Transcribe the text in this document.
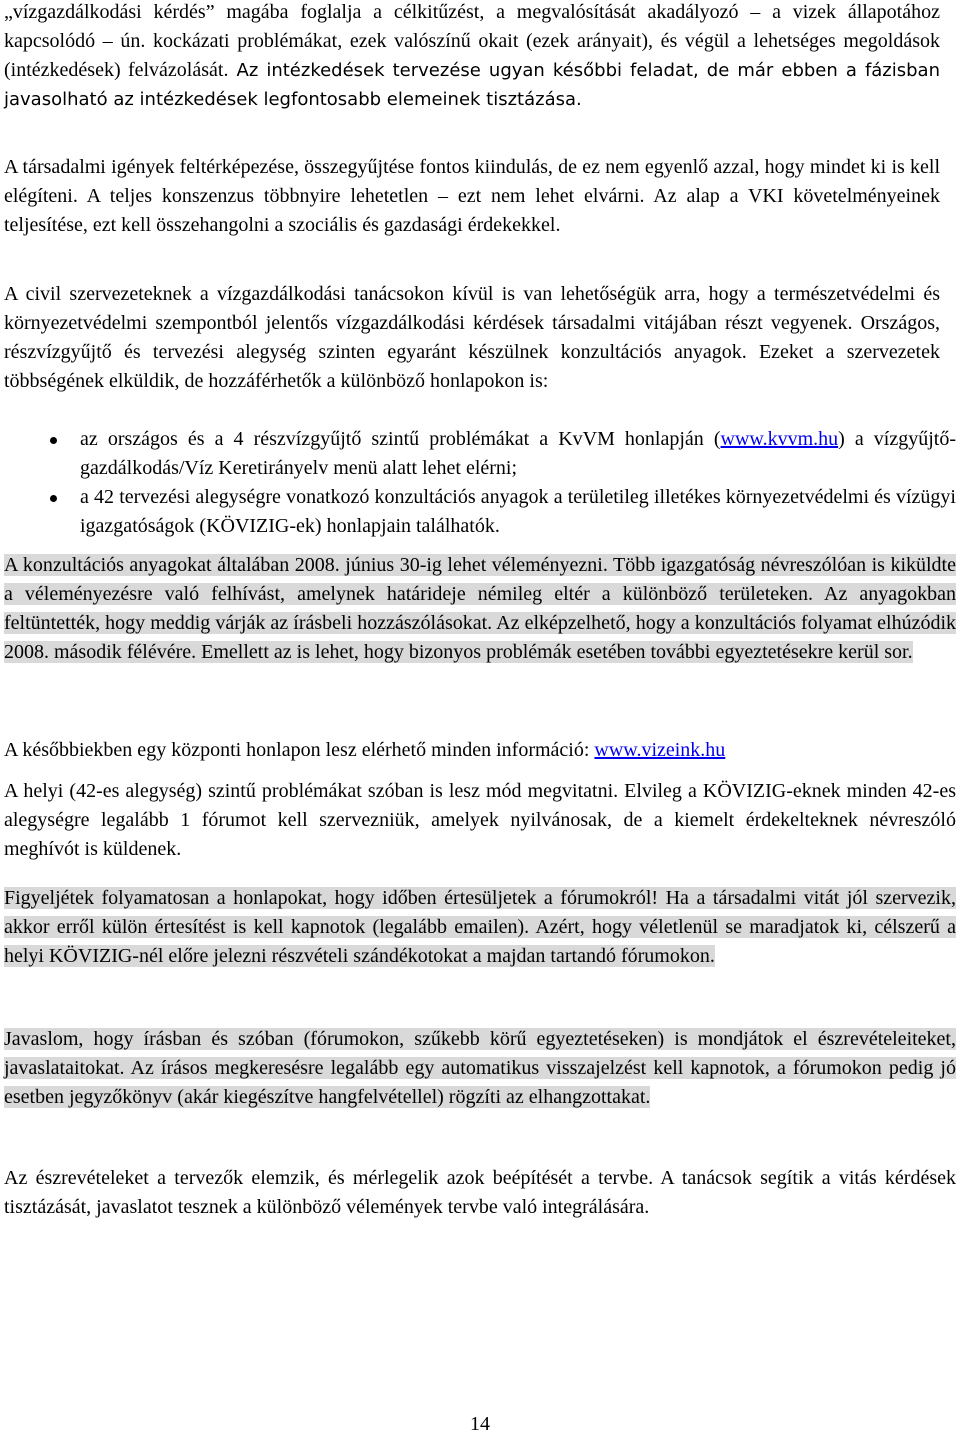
„vízgazdálkodási kérdés” magába foglalja a célkitűzést, a megvalósítását akadályozó – a vizek állapotához kapcsolódó – ún. kockázati problémákat, ezek valószínű okait (ezek arányait), és végül a lehetséges megoldások (intézkedések) felvázolását. Az intézkedések tervezése ugyan későbbi feladat, de már ebben a fázisban javasolható az intézkedések legfontosabb elemeinek tisztázása.

A társadalmi igények feltérképezése, összegyűjtése fontos kiindulás, de ez nem egyenlő azzal, hogy mindet ki is kell elégíteni. A teljes konszenzus többnyire lehetetlen – ezt nem lehet elvárni. Az alap a VKI követelményeinek teljesítése, ezt kell összehangolni a szociális és gazdasági érdekekkel.

A civil szervezeteknek a vízgazdálkodási tanácsokon kívül is van lehetőségük arra, hogy a természetvédelmi és környezetvédelmi szempontból jelentős vízgazdálkodási kérdések társadalmi vitájában részt vegyenek. Országos, részvízgyűjtő és tervezési alegység szinten egyaránt készülnek konzultációs anyagok. Ezeket a szervezetek többségének elküldik, de hozzáférhetők a különböző honlapokon is:

az országos és a 4 részvízgyűjtő szintű problémákat a KvVM honlapján (www.kvvm.hu) a vízgyűjtő-gazdálkodás/Víz Keretirányelv menü alatt lehet elérni;
a 42 tervezési alegységre vonatkozó konzultációs anyagok a területileg illetékes környezetvédelmi és vízügyi igazgatóságok (KÖVIZIG-ek) honlapjain találhatók.

A konzultációs anyagokat általában 2008. június 30-ig lehet véleményezni. Több igazgatóság névreszólóan is kiküldte a véleményezésre való felhívást, amelynek határideje némileg eltér a különböző területeken. Az anyagokban feltüntették, hogy meddig várják az írásbeli hozzászólásokat. Az elképzelhető, hogy a konzultációs folyamat elhúzódik 2008. második félévére. Emellett az is lehet, hogy bizonyos problémák esetében további egyeztetésekre kerül sor.

A későbbiekben egy központi honlapon lesz elérhető minden információ: www.vizeink.hu

A helyi (42-es alegység) szintű problémákat szóban is lesz mód megvitatni. Elvileg a KÖVIZIG-eknek minden 42-es alegységre legalább 1 fórumot kell szervezniük, amelyek nyilvánosak, de a kiemelt érdekelteknek névreszóló meghívót is küldenek.

Figyeljétek folyamatosan a honlapokat, hogy időben értesüljetek a fórumokról! Ha a társadalmi vitát jól szervezik, akkor erről külön értesítést is kell kapnotok (legalább emailen). Azért, hogy véletlenül se maradjatok ki, célszerű a helyi KÖVIZIG-nél előre jelezni részvételi szándékotokat a majdan tartandó fórumokon.

Javaslom, hogy írásban és szóban (fórumokon, szűkebb körű egyeztetéseken) is mondjátok el észrevételeiteket, javaslataitokat. Az írásos megkeresésre legalább egy automatikus visszajelzést kell kapnotok, a fórumokon pedig jó esetben jegyzőkönyv (akár kiegészítve hangfelvétellel) rögzíti az elhangzottakat.

Az észrevételeket a tervezők elemzik, és mérlegelik azok beépítését a tervbe. A tanácsok segítik a vitás kérdések tisztázását, javaslatot tesznek a különböző vélemények tervbe való integrálására.

14
